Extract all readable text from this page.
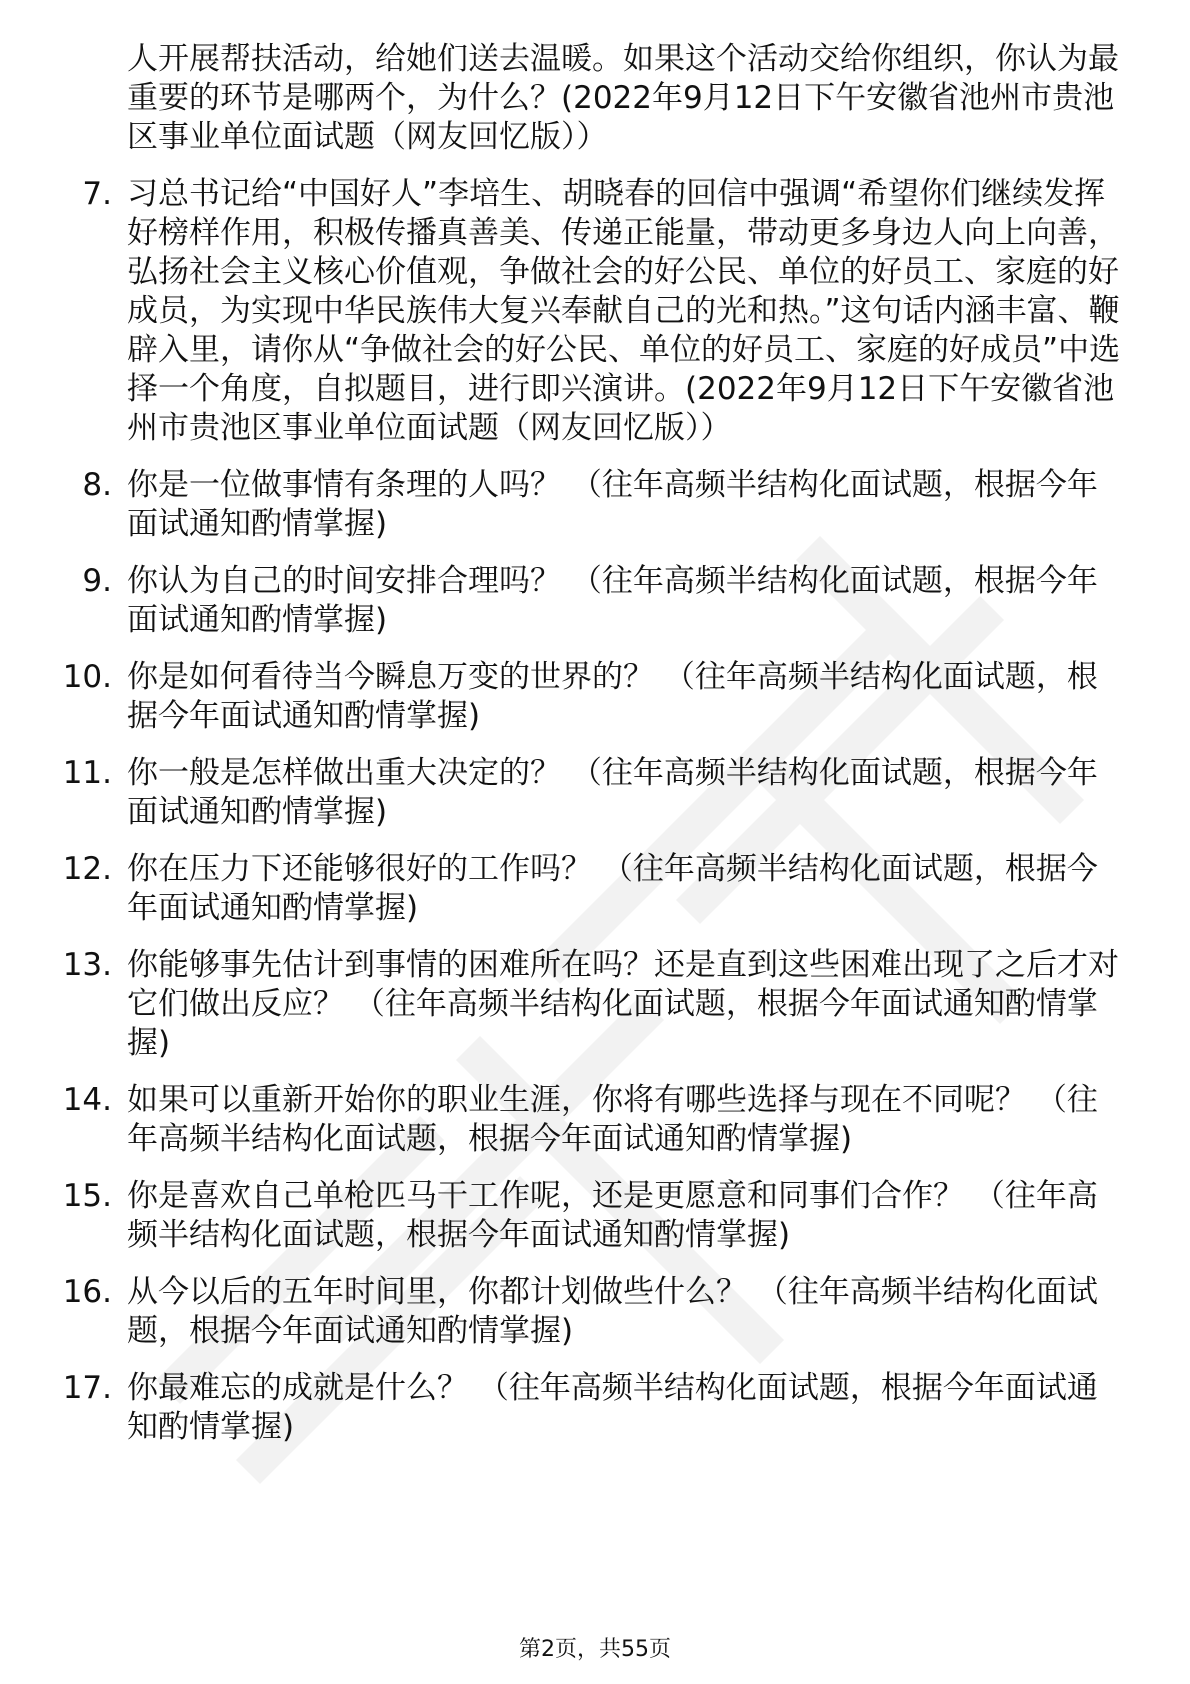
人开展帮扶活动，给她们送去温暖。如果这个活动交给你组织，你认为最重要的环节是哪两个，为什么？(2022年9月12日下午安徽省池州市贵池区事业单位面试题（网友回忆版））
7. 习总书记给“中国好人”李培生、胡晓春的回信中强调“希望你们继续发挥好榜样作用，积极传播真善美、传递正能量，带动更多身边人向上向善，弘扬社会主义核心价值观，争做社会的好公民、单位的好员工、家庭的好成员，为实现中华民族伟大复兴奉献自己的光和热。”这句话内涵丰富、鞭辟入里，请你从“争做社会的好公民、单位的好员工、家庭的好成员”中选择一个角度，自拟题目，进行即兴演讲。(2022年9月12日下午安徽省池州市贵池区事业单位面试题（网友回忆版））
8. 你是一位做事情有条理的人吗？ （往年高频半结构化面试题，根据今年面试通知酌情掌握)
9. 你认为自己的时间安排合理吗？ （往年高频半结构化面试题，根据今年面试通知酌情掌握)
10. 你是如何看待当今瞬息万变的世界的？ （往年高频半结构化面试题，根据今年面试通知酌情掌握)
11. 你一般是怎样做出重大决定的？ （往年高频半结构化面试题，根据今年面试通知酌情掌握)
12. 你在压力下还能够很好的工作吗？ （往年高频半结构化面试题，根据今年面试通知酌情掌握)
13. 你能够事先估计到事情的困难所在吗？还是直到这些困难出现了之后才对它们做出反应？ （往年高频半结构化面试题，根据今年面试通知酌情掌握)
14. 如果可以重新开始你的职业生涯，你将有哪些选择与现在不同呢？ （往年高频半结构化面试题，根据今年面试通知酌情掌握)
15. 你是喜欢自己单枪匹马干工作呢，还是更愿意和同事们合作？ （往年高频半结构化面试题，根据今年面试通知酌情掌握)
16. 从今以后的五年时间里，你都计划做些什么？ （往年高频半结构化面试题，根据今年面试通知酌情掌握)
17. 你最难忘的成就是什么？ （往年高频半结构化面试题，根据今年面试通知酌情掌握)
第2页，共55页
